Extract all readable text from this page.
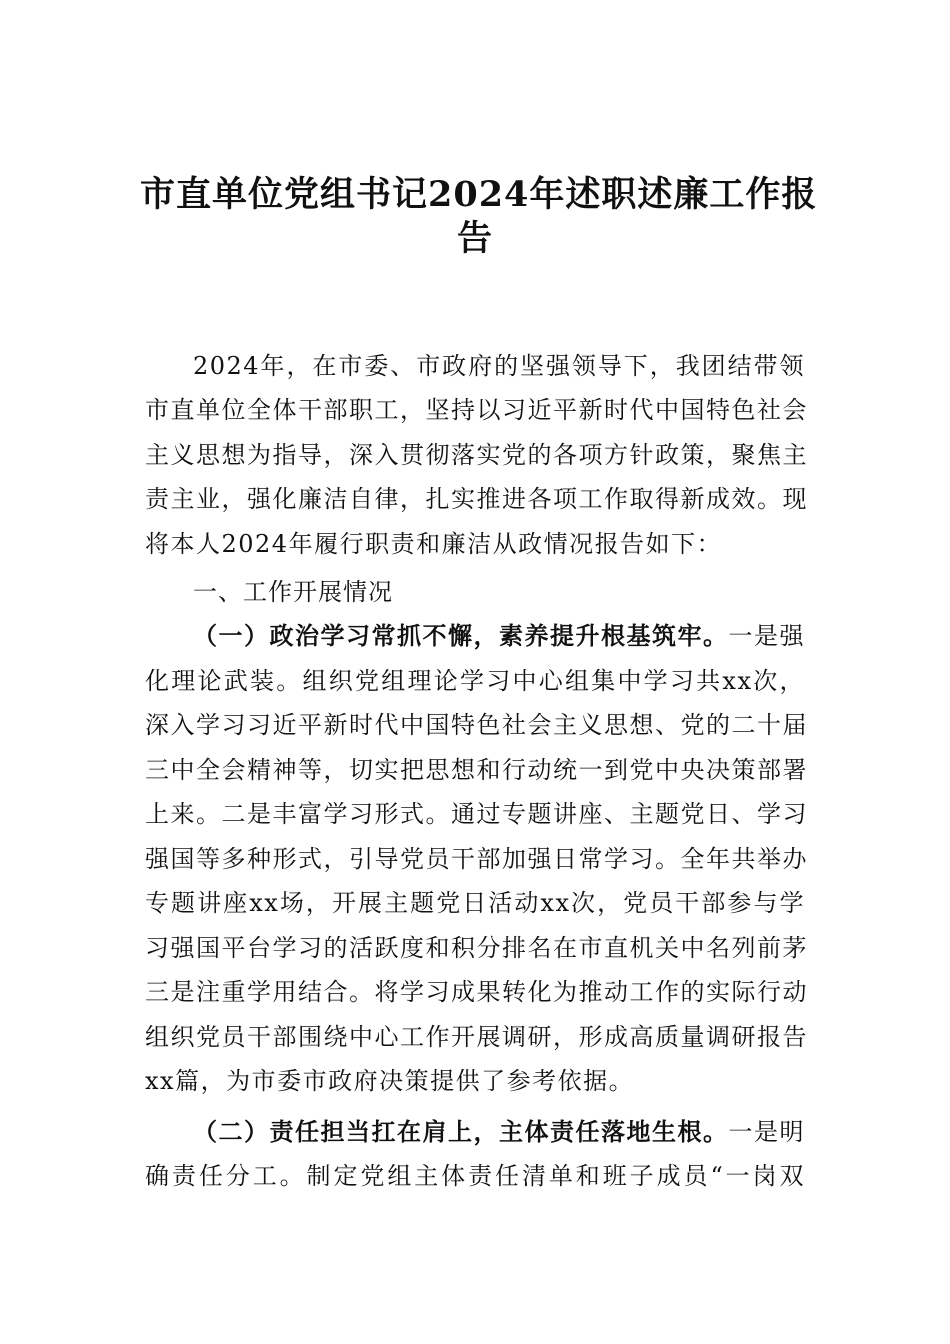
市直单位党组书记2024年述职述廉工作报
告
2024年，在市委、市政府的坚强领导下，我团结带领
市直单位全体干部职工，坚持以习近平新时代中国特色社会
主义思想为指导，深入贯彻落实党的各项方针政策，聚焦主
责主业，强化廉洁自律，扎实推进各项工作取得新成效。现
将本人2024年履行职责和廉洁从政情况报告如下：
一、工作开展情况
（一）政治学习常抓不懈，素养提升根基筑牢。一是强
化理论武装。组织党组理论学习中心组集中学习共xx次，
深入学习习近平新时代中国特色社会主义思想、党的二十届
三中全会精神等，切实把思想和行动统一到党中央决策部署
上来。二是丰富学习形式。通过专题讲座、主题党日、学习
强国等多种形式，引导党员干部加强日常学习。全年共举办
专题讲座xx场，开展主题党日活动xx次，党员干部参与学
习强国平台学习的活跃度和积分排名在市直机关中名列前茅
三是注重学用结合。将学习成果转化为推动工作的实际行动
组织党员干部围绕中心工作开展调研，形成高质量调研报告
xx篇，为市委市政府决策提供了参考依据。
（二）责任担当扛在肩上，主体责任落地生根。一是明
确责任分工。制定党组主体责任清单和班子成员“一岗双
